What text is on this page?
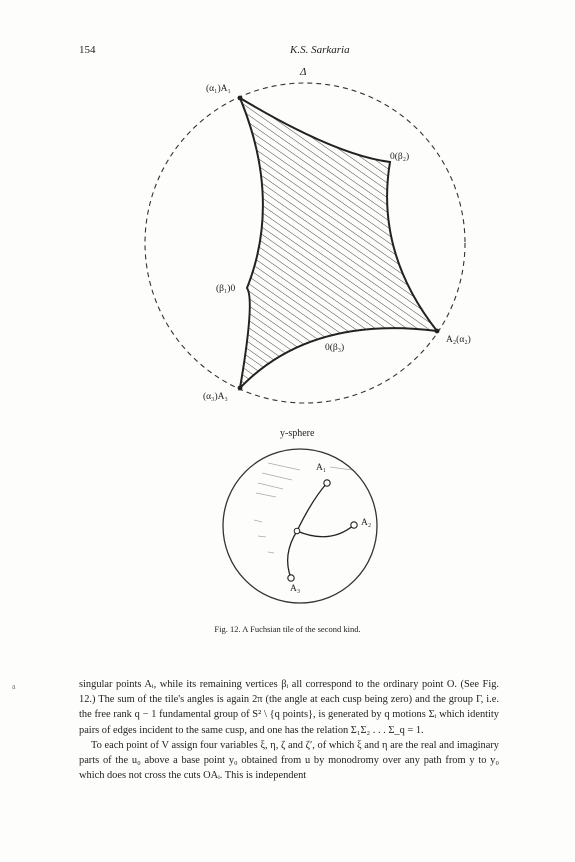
154	K.S. Sarkaria
Δ
(α₁)A₁
0(β₂)
(β₁)0
A₂(α₂)
0(β₃)
(α₃)A₃
y-sphere
A₁
A₂
A₃
Fig. 12. A Fuchsian tile of the second kind.
a	singular points Aᵢ, while its remaining vertices βᵢ all correspond to the ordinary point O. (See Fig. 12.) The sum of the tile's angles is again 2π (the angle at each cusp being zero) and the group Γ, i.e. the free rank q − 1 fundamental group of S² \ {q points}, is generated by q motions Σᵢ which identity pairs of edges incident to the same cusp, and one has the relation Σ₁Σ₂ . . . Σ_q = 1.

To each point of V assign four variables ξ, η, ζ and ζ′, of which ξ and η are the real and imaginary parts of the u₀ above a base point y₀ obtained from u by monodromy over any path from y to y₀ which does not cross the cuts OAᵢ. This is independent
